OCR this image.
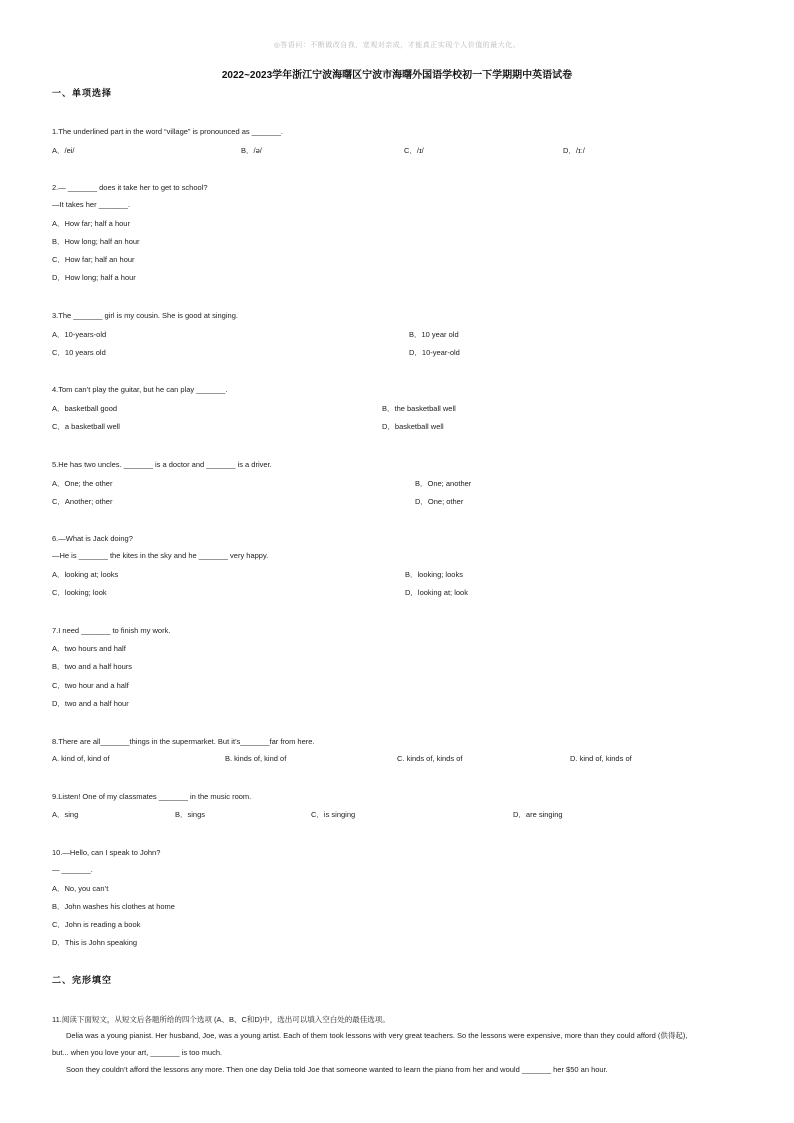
◎答语问：不断做改自我，宽观对亲成，才能真正实现个人价值的最大化。
2022~2023学年浙江宁波海曙区宁波市海曙外国语学校初一下学期期中英语试卷
一、单项选择
1.The underlined part in the word “village” is pronounced as _______.
A．/ei/	B．/ə/	C．/ɪ/	D．/ɪː/
2.— _______ does it take her to get to school?
—It takes her _______.
A．How far; half a hour
B．How long; half an hour
C．How far; half an hour
D．How long; half a hour
3.The _______ girl is my cousin. She is good at singing.
A．10-years-old	B．10 year old
C．10 years old	D．10-year-old
4.Tom can’t play the guitar, but he can play _______.
A．basketball good	B．the basketball well
C．a basketball well	D．basketball well
5.He has two uncles. _______ is a doctor and _______ is a driver.
A．One; the other	B．One; another
C．Another; other	D．One; other
6.—What is Jack doing?
—He is _______ the kites in the sky and he _______ very happy.
A．looking at; looks	B．looking; looks
C．looking; look	D．looking at; look
7.I need _______ to finish my work.
A．two hours and half
B．two and a half hours
C．two hour and a half
D．two and a half hour
8.There are all_______things in the supermarket. But it’s_______far from here.
A. kind of, kind of	B. kinds of, kind of	C. kinds of, kinds of	D. kind of, kinds of
9.Listen! One of my classmates _______ in the music room.
A．sing	B．sings	C．is singing	D．are singing
10.—Hello, can I speak to John?
— _______.
A．No, you can’t
B．John washes his clothes at home
C．John is reading a book
D．This is John speaking
二、完形填空
11.阅读下面短文，从短文后各题所给的四个选项 (A、B、C和D)中，选出可以填入空白处的最佳选项。
Delia was a young pianist. Her husband, Joe, was a young artist. Each of them took lessons with very great teachers. So the lessons were expensive, more than they could afford (供得起),
but... when you love your art, _______ is too much.
Soon they couldn’t afford the lessons any more. Then one day Delia told Joe that someone wanted to learn the piano from her and would _______ her $50 an hour.
